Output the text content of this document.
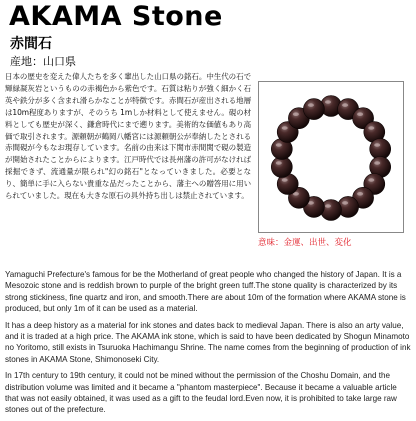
AKAMA Stone
赤間石
産地：山口県
日本の歴史を変えた偉人たちを多く輩出した山口県の銘石。中生代の石で輝緑凝灰岩というものの赤褐色から紫色です。石質は粘りが強く細かく石英や鉄分が多く含まれ滑らかなことが特徴です。赤間石が産出される地層は10m程度ありますが、そのうち 1mしか材料として使えません。硯の材料としても歴史が深く、鎌倉時代にまで遡ります。美術的な価値もあり高価で取引されます。源頼朝が鶴岡八幡宮には源頼朝公が奉納したとされる赤間硯が今もなお現存しています。名前の由来は下関市赤間関で硯の製造が開始されたことからによります。江戸時代では長州藩の許可がなければ採掘できず、流通量が限られ"幻の銘石"となっていきました。必要となり、簡単に手に入らない貴重な品だったことから、藩主への贈答用に用いられていました。現在も大きな原石の具外持ち出しは禁止されています。
意味：金運、出世、変化

Yamaguchi Prefecture's famous for be the Motherland of great people who changed the history of Japan. It is a Mesozoic stone and is reddish brown to purple of the bright green tuff.The stone quality is characterized by its strong stickiness, fine quartz and iron, and smooth.There are about 10m of the formation where AKAMA stone is produced, but only 1m of it can be used as a material.

It has a deep history as a material for ink stones and dates back to medieval Japan. There is also an arty value, and it is traded at a high price. The AKAMA ink stone, which is said to have been dedicated by Shogun Minamoto no Yoritomo, still exists in Tsuruoka Hachimangu Shrine. The name comes from the beginning of production of ink stones in AKAMA Stone, Shimonoseki City.

In 17th century to 19th century, it could not be mined without the permission of the Choshu Domain, and the distribution volume was limited and it became a "phantom masterpiece". Because it became a valuable article that was not easily obtained, it was used as a gift to the feudal lord.Even now, it is prohibited to take large raw stones out of the prefecture.
